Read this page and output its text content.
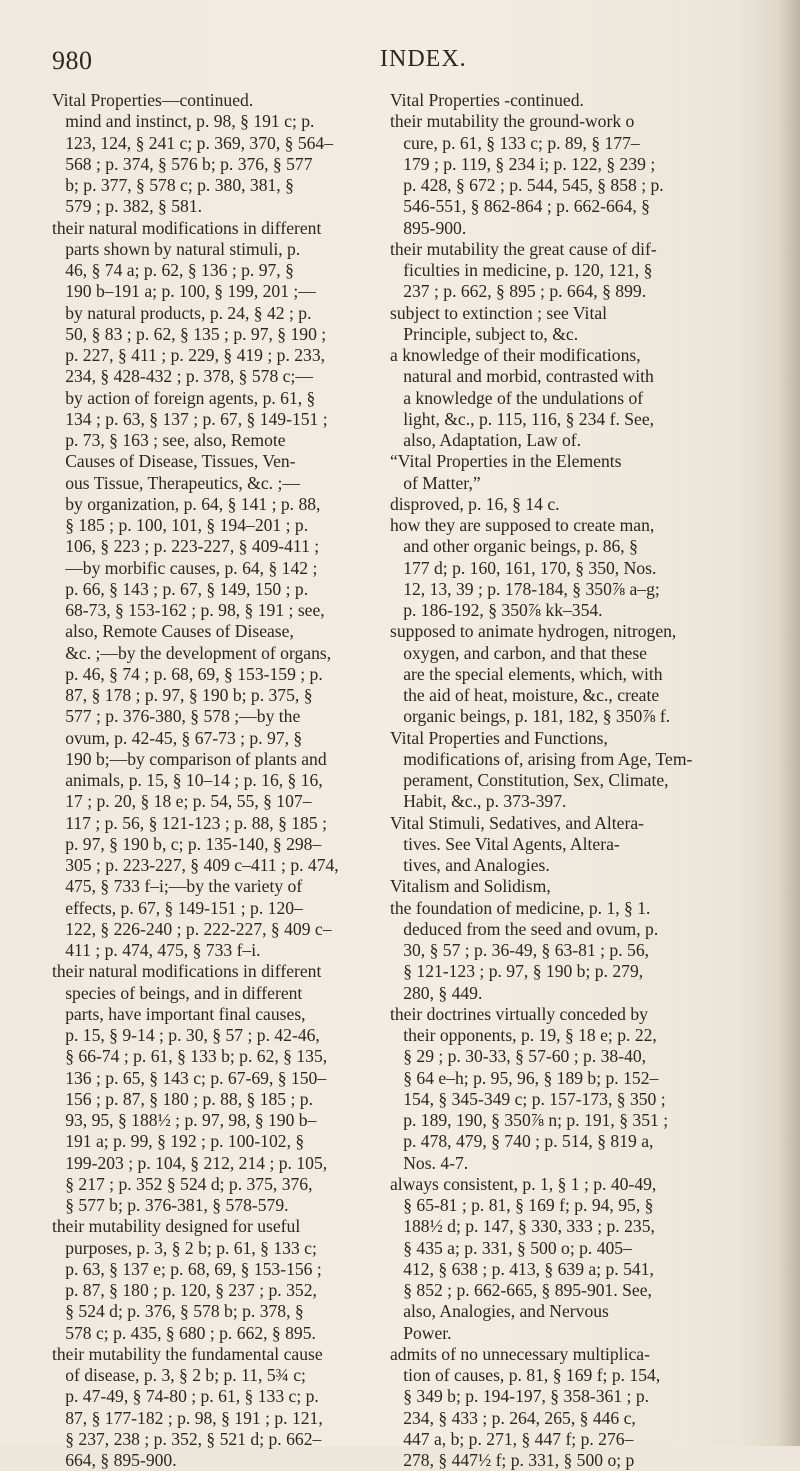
980	INDEX.
Vital Properties—continued.
mind and instinct, p. 98, § 191 c; p.
123, 124, § 241 c; p. 369, 370, § 564–
568 ; p. 374, § 576 b; p. 376, § 577
b; p. 377, § 578 c; p. 380, 381, §
579 ; p. 382, § 581.
their natural modifications in different
parts shown by natural stimuli, p.
46, § 74 a; p. 62, § 136 ; p. 97, §
190 b–191 a; p. 100, § 199, 201 ;—
by natural products, p. 24, § 42 ; p.
50, § 83 ; p. 62, § 135 ; p. 97, § 190 ;
p. 227, § 411 ; p. 229, § 419 ; p. 233,
234, § 428-432 ; p. 378, § 578 c;—
by action of foreign agents, p. 61, §
134 ; p. 63, § 137 ; p. 67, § 149-151 ;
p. 73, § 163 ; see, also, Remote
Causes of Disease, Tissues, Ven-
ous Tissue, Therapeutics, &c. ;—
by organization, p. 64, § 141 ; p. 88,
§ 185 ; p. 100, 101, § 194–201 ; p.
106, § 223 ; p. 223-227, § 409-411 ;
—by morbific causes, p. 64, § 142 ;
p. 66, § 143 ; p. 67, § 149, 150 ; p.
68-73, § 153-162 ; p. 98, § 191 ; see,
also, Remote Causes of Disease,
&c. ;—by the development of organs,
p. 46, § 74 ; p. 68, 69, § 153-159 ; p.
87, § 178 ; p. 97, § 190 b; p. 375, §
577 ; p. 376-380, § 578 ;—by the
ovum, p. 42-45, § 67-73 ; p. 97, §
190 b;—by comparison of plants and
animals, p. 15, § 10–14 ; p. 16, § 16,
17 ; p. 20, § 18 e; p. 54, 55, § 107–
117 ; p. 56, § 121-123 ; p. 88, § 185 ;
p. 97, § 190 b, c; p. 135-140, § 298–
305 ; p. 223-227, § 409 c–411 ; p. 474,
475, § 733 f–i;—by the variety of
effects, p. 67, § 149-151 ; p. 120–
122, § 226-240 ; p. 222-227, § 409 c–
411 ; p. 474, 475, § 733 f–i.
their natural modifications in different
species of beings, and in different
parts, have important final causes,
p. 15, § 9-14 ; p. 30, § 57 ; p. 42-46,
§ 66-74 ; p. 61, § 133 b; p. 62, § 135,
136 ; p. 65, § 143 c; p. 67-69, § 150–
156 ; p. 87, § 180 ; p. 88, § 185 ; p.
93, 95, § 188½ ; p. 97, 98, § 190 b–
191 a; p. 99, § 192 ; p. 100-102, §
199-203 ; p. 104, § 212, 214 ; p. 105,
§ 217 ; p. 352 § 524 d; p. 375, 376,
§ 577 b; p. 376-381, § 578-579.
their mutability designed for useful
purposes, p. 3, § 2 b; p. 61, § 133 c;
p. 63, § 137 e; p. 68, 69, § 153-156 ;
p. 87, § 180 ; p. 120, § 237 ; p. 352,
§ 524 d; p. 376, § 578 b; p. 378, §
578 c; p. 435, § 680 ; p. 662, § 895.
their mutability the fundamental cause
of disease, p. 3, § 2 b; p. 11, 5¾ c;
p. 47-49, § 74-80 ; p. 61, § 133 c; p.
87, § 177-182 ; p. 98, § 191 ; p. 121,
§ 237, 238 ; p. 352, § 521 d; p. 662–
664, § 895-900.
Vital Properties -continued.
their mutability the ground-work o
cure, p. 61, § 133 c; p. 89, § 177–
179 ; p. 119, § 234 i; p. 122, § 239 ;
p. 428, § 672 ; p. 544, 545, § 858 ; p.
546-551, § 862-864 ; p. 662-664, §
895-900.
their mutability the great cause of dif-
ficulties in medicine, p. 120, 121, §
237 ; p. 662, § 895 ; p. 664, § 899.
subject to extinction ; see Vital
Principle, subject to, &c.
a knowledge of their modifications,
natural and morbid, contrasted with
a knowledge of the undulations of
light, &c., p. 115, 116, § 234 f. See,
also, Adaptation, Law of.
“Vital Properties in the Elements
of Matter,”
disproved, p. 16, § 14 c.
how they are supposed to create man,
and other organic beings, p. 86, §
177 d; p. 160, 161, 170, § 350, Nos.
12, 13, 39 ; p. 178-184, § 350⅞ a–g;
p. 186-192, § 350⅞ kk–354.
supposed to animate hydrogen, nitrogen,
oxygen, and carbon, and that these
are the special elements, which, with
the aid of heat, moisture, &c., create
organic beings, p. 181, 182, § 350⅞ f.
Vital Properties and Functions,
modifications of, arising from Age, Tem-
perament, Constitution, Sex, Climate,
Habit, &c., p. 373-397.
Vital Stimuli, Sedatives, and Altera-
tives. See Vital Agents, Altera-
tives, and Analogies.
Vitalism and Solidism,
the foundation of medicine, p. 1, § 1.
deduced from the seed and ovum, p.
30, § 57 ; p. 36-49, § 63-81 ; p. 56,
§ 121-123 ; p. 97, § 190 b; p. 279,
280, § 449.
their doctrines virtually conceded by
their opponents, p. 19, § 18 e; p. 22,
§ 29 ; p. 30-33, § 57-60 ; p. 38-40,
§ 64 e–h; p. 95, 96, § 189 b; p. 152–
154, § 345-349 c; p. 157-173, § 350 ;
p. 189, 190, § 350⅞ n; p. 191, § 351 ;
p. 478, 479, § 740 ; p. 514, § 819 a,
Nos. 4-7.
always consistent, p. 1, § 1 ; p. 40-49,
§ 65-81 ; p. 81, § 169 f; p. 94, 95, §
188½ d; p. 147, § 330, 333 ; p. 235,
§ 435 a; p. 331, § 500 o; p. 405–
412, § 638 ; p. 413, § 639 a; p. 541,
§ 852 ; p. 662-665, § 895-901. See,
also, Analogies, and Nervous
Power.
admits of no unnecessary multiplica-
tion of causes, p. 81, § 169 f; p. 154,
§ 349 b; p. 194-197, § 358-361 ; p.
234, § 433 ; p. 264, 265, § 446 c,
447 a, b; p. 271, § 447 f; p. 276–
278, § 447½ f; p. 331, § 500 o; p
